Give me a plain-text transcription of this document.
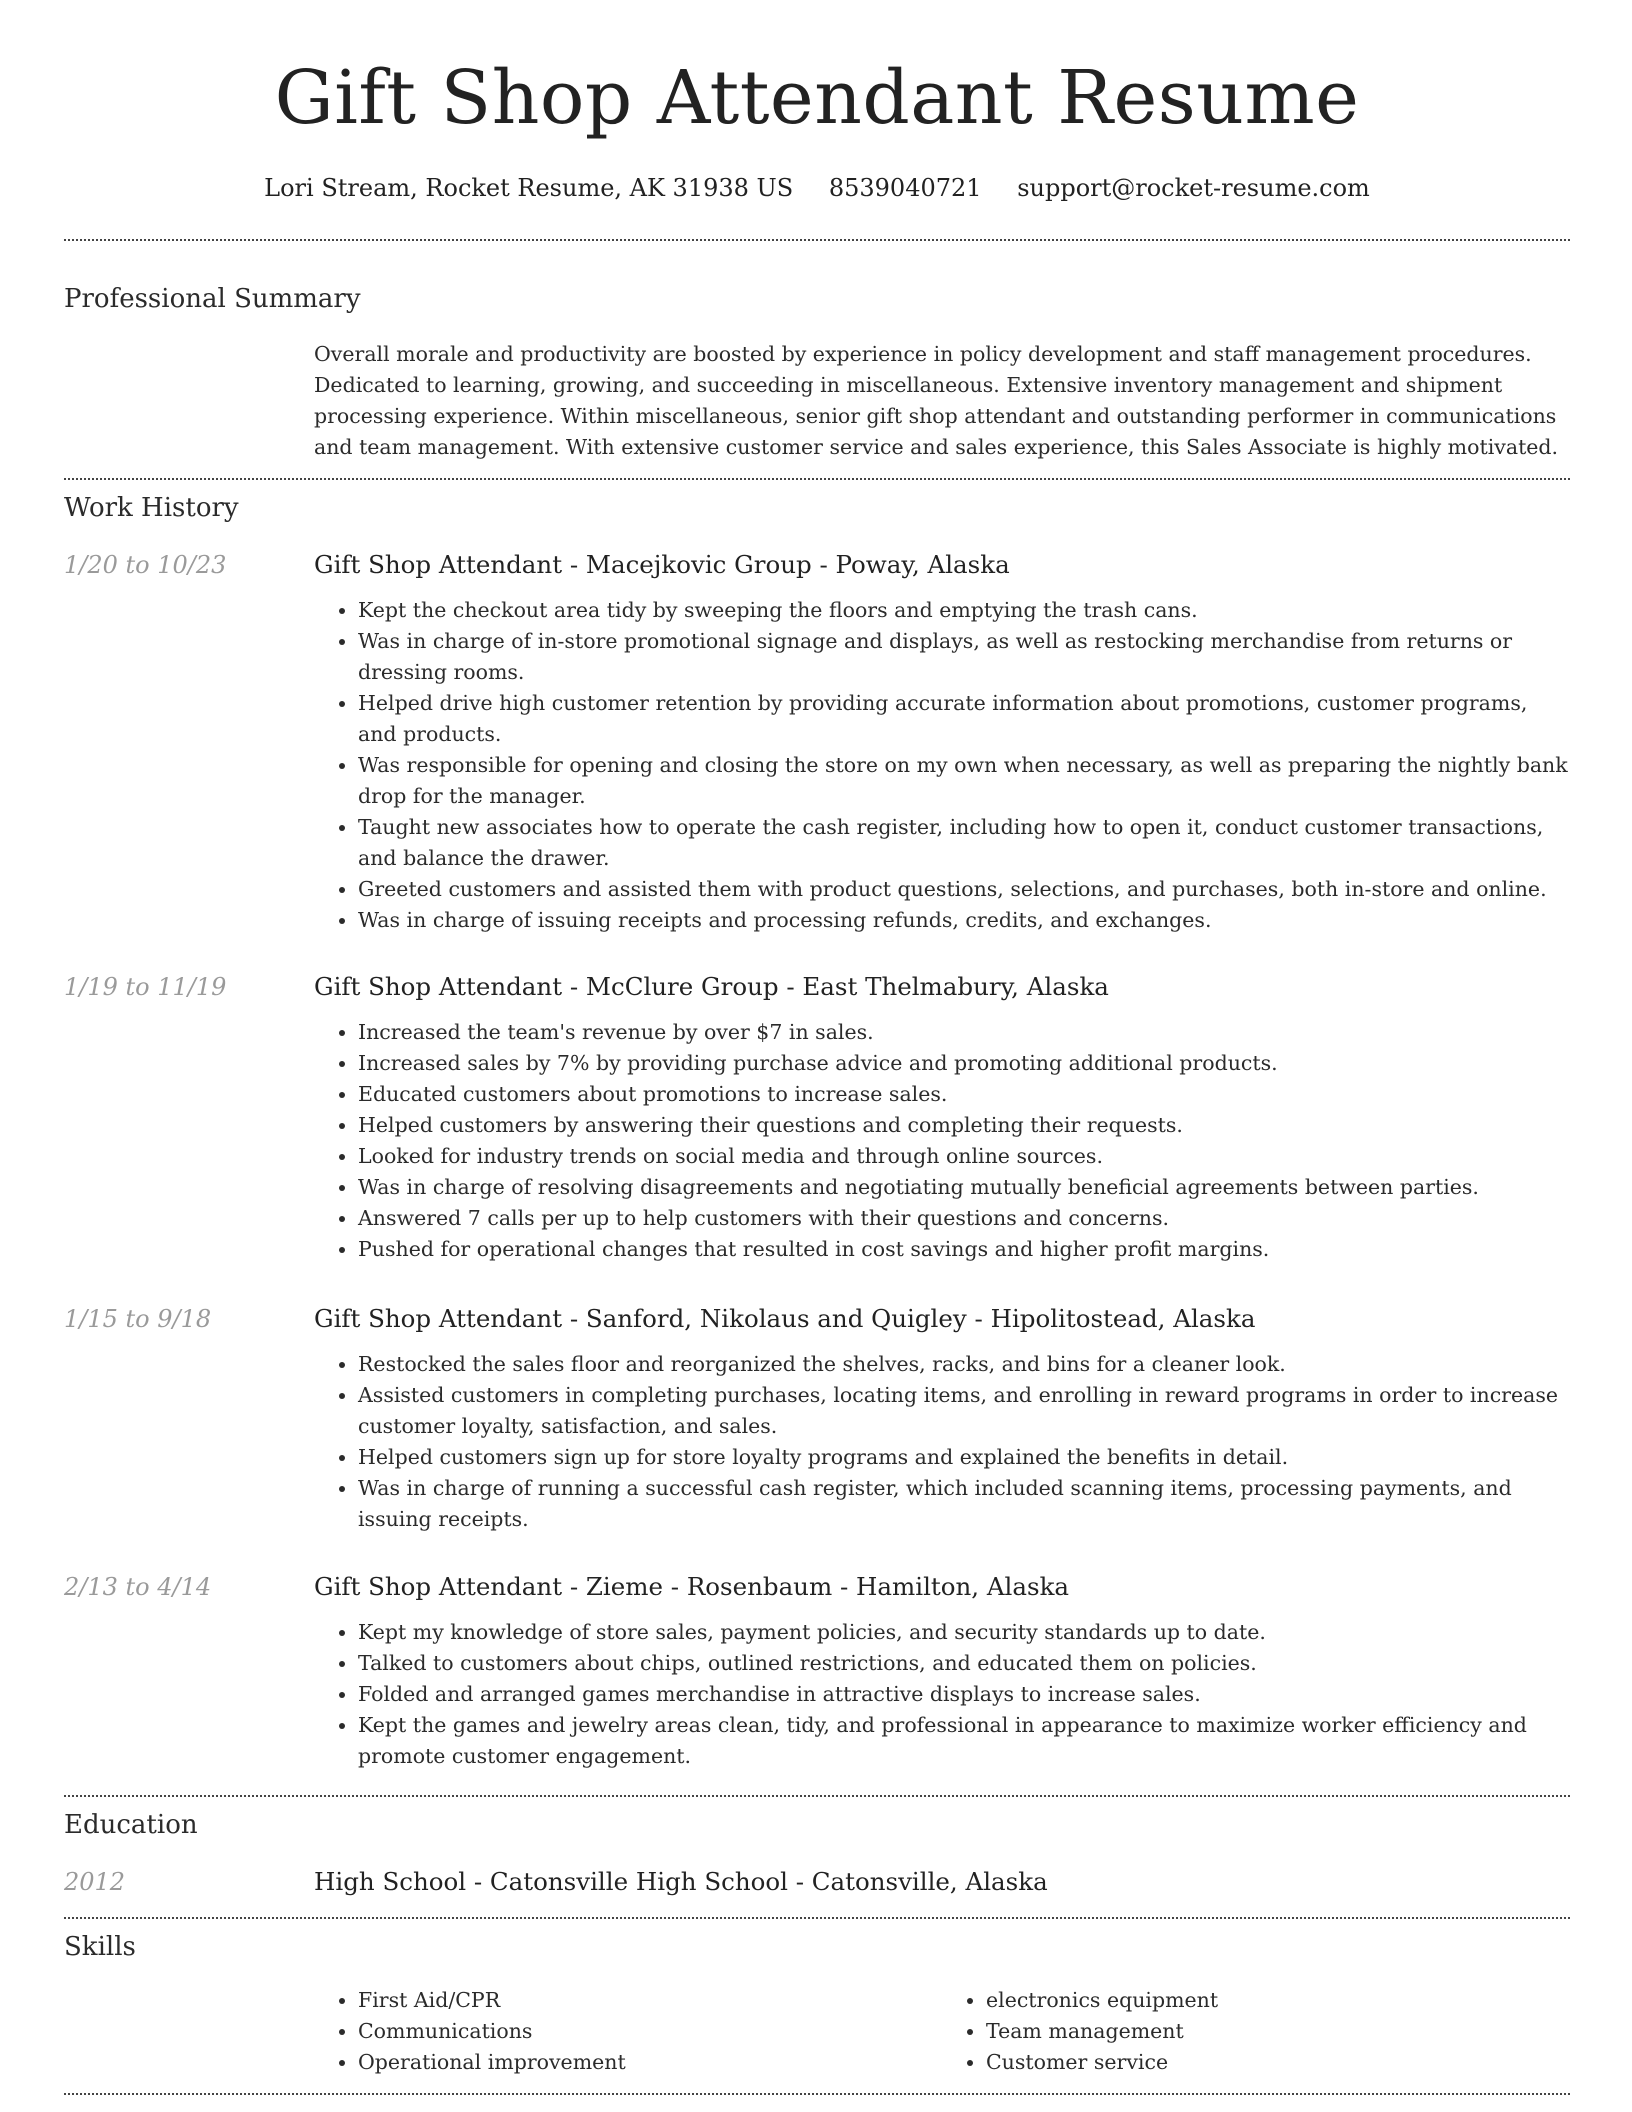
Gift Shop Attendant Resume
Lori Stream, Rocket Resume, AK 31938 US 8539040721 support@rocket-resume.com
Professional Summary
Overall morale and productivity are boosted by experience in policy development and staff management procedures. Dedicated to learning, growing, and succeeding in miscellaneous. Extensive inventory management and shipment processing experience. Within miscellaneous, senior gift shop attendant and outstanding performer in communications and team management. With extensive customer service and sales experience, this Sales Associate is highly motivated.
Work History
1/20 to 10/23	Gift Shop Attendant - Macejkovic Group - Poway, Alaska
• Kept the checkout area tidy by sweeping the floors and emptying the trash cans.
• Was in charge of in-store promotional signage and displays, as well as restocking merchandise from returns or dressing rooms.
• Helped drive high customer retention by providing accurate information about promotions, customer programs, and products.
• Was responsible for opening and closing the store on my own when necessary, as well as preparing the nightly bank drop for the manager.
• Taught new associates how to operate the cash register, including how to open it, conduct customer transactions, and balance the drawer.
• Greeted customers and assisted them with product questions, selections, and purchases, both in-store and online.
• Was in charge of issuing receipts and processing refunds, credits, and exchanges.
1/19 to 11/19	Gift Shop Attendant - McClure Group - East Thelmabury, Alaska
• Increased the team's revenue by over $7 in sales.
• Increased sales by 7% by providing purchase advice and promoting additional products.
• Educated customers about promotions to increase sales.
• Helped customers by answering their questions and completing their requests.
• Looked for industry trends on social media and through online sources.
• Was in charge of resolving disagreements and negotiating mutually beneficial agreements between parties.
• Answered 7 calls per up to help customers with their questions and concerns.
• Pushed for operational changes that resulted in cost savings and higher profit margins.
1/15 to 9/18	Gift Shop Attendant - Sanford, Nikolaus and Quigley - Hipolitostead, Alaska
• Restocked the sales floor and reorganized the shelves, racks, and bins for a cleaner look.
• Assisted customers in completing purchases, locating items, and enrolling in reward programs in order to increase customer loyalty, satisfaction, and sales.
• Helped customers sign up for store loyalty programs and explained the benefits in detail.
• Was in charge of running a successful cash register, which included scanning items, processing payments, and issuing receipts.
2/13 to 4/14	Gift Shop Attendant - Zieme - Rosenbaum - Hamilton, Alaska
• Kept my knowledge of store sales, payment policies, and security standards up to date.
• Talked to customers about chips, outlined restrictions, and educated them on policies.
• Folded and arranged games merchandise in attractive displays to increase sales.
• Kept the games and jewelry areas clean, tidy, and professional in appearance to maximize worker efficiency and promote customer engagement.
Education
2012	High School - Catonsville High School - Catonsville, Alaska
Skills
• First Aid/CPR
• Communications
• Operational improvement
• electronics equipment
• Team management
• Customer service
